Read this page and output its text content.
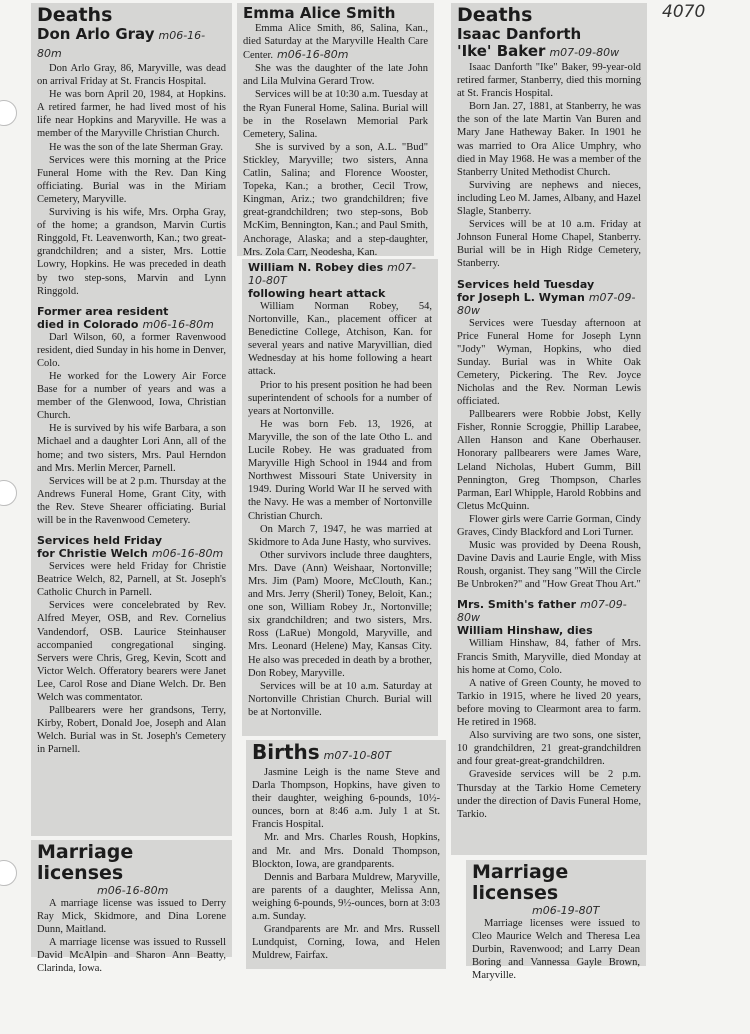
4070
Deaths
Don Arlo Gray m06-16-80m

Don Arlo Gray, 86, Maryville, was dead on arrival Friday at St. Francis Hospital.

He was born April 20, 1984, at Hopkins. A retired farmer, he had lived most of his life near Hopkins and Maryville. He was a member of the Maryville Christian Church.

He was the son of the late Sherman Gray.

Services were this morning at the Price Funeral Home with the Rev. Dan King officiating. Burial was in the Miriam Cemetery, Maryville.

Surviving is his wife, Mrs. Orpha Gray, of the home; a grandson, Marvin Curtis Ringgold, Ft. Leavenworth, Kan.; two great-grandchildren; and a sister, Mrs. Lottie Lowry, Hopkins. He was preceded in death by two step-sons, Marvin and Lynn Ringgold.

Former area resident
died in Colorado m06-16-80m

Darl Wilson, 60, a former Ravenwood resident, died Sunday in his home in Denver, Colo.

He worked for the Lowery Air Force Base for a number of years and was a member of the Glenwood, Iowa, Christian Church.

He is survived by his wife Barbara, a son Michael and a daughter Lori Ann, all of the home; and two sisters, Mrs. Paul Herndon and Mrs. Merlin Mercer, Parnell.

Services will be at 2 p.m. Thursday at the Andrews Funeral Home, Grant City, with the Rev. Steve Shearer officiating. Burial will be in the Ravenwood Cemetery.

Services held Friday
for Christie Welch m06-16-80m

Services were held Friday for Christie Beatrice Welch, 82, Parnell, at St. Joseph's Catholic Church in Parnell.

Services were concelebrated by Rev. Alfred Meyer, OSB, and Rev. Cornelius Vandendorf, OSB. Laurice Steinhauser accompanied congregational singing. Servers were Chris, Greg, Kevin, Scott and Victor Welch. Offeratory bearers were Janet Lee, Carol Rose and Diane Welch. Dr. Ben Welch was commentator.

Pallbearers were her grandsons, Terry, Kirby, Robert, Donald Joe, Joseph and Alan Welch. Burial was in St. Joseph's Cemetery in Parnell.

Marriage licenses
m06-16-80m

A marriage license was issued to Derry Ray Mick, Skidmore, and Dina Lorene Dunn, Maitland.

A marriage license was issued to Russell David McAlpin and Sharon Ann Beatty, Clarinda, Iowa.

Emma Alice Smith

Emma Alice Smith, 86, Salina, Kan., died Saturday at the Maryville Health Care Center. m06-16-80m

She was the daughter of the late John and Lila Mulvina Gerard Trow.

Services will be at 10:30 a.m. Tuesday at the Ryan Funeral Home, Salina. Burial will be in the Roselawn Memorial Park Cemetery, Salina.

She is survived by a son, A.L. "Bud" Stickley, Maryville; two sisters, Anna Catlin, Salina; and Florence Wooster, Topeka, Kan.; a brother, Cecil Trow, Kingman, Ariz.; two grandchildren; five great-grandchildren; two step-sons, Bob McKim, Bennington, Kan.; and Paul Smith, Anchorage, Alaska; and a step-daughter, Mrs. Zola Carr, Neodesha, Kan.

William N. Robey dies m07-10-80T
following heart attack

William Norman Robey, 54, Nortonville, Kan., placement officer at Benedictine College, Atchison, Kan. for several years and native Maryvillian, died Wednesday at his home following a heart attack.

Prior to his present position he had been superintendent of schools for a number of years at Nortonville.

He was born Feb. 13, 1926, at Maryville, the son of the late Otho L. and Lucile Robey. He was graduated from Maryville High School in 1944 and from Northwest Missouri State University in 1949. During World War II he served with the Navy. He was a member of Nortonville Christian Church.

On March 7, 1947, he was married at Skidmore to Ada June Hasty, who survives.

Other survivors include three daughters, Mrs. Dave (Ann) Weishaar, Nortonville; Mrs. Jim (Pam) Moore, McClouth, Kan.; and Mrs. Jerry (Sheril) Toney, Beloit, Kan.; one son, William Robey Jr., Nortonville; six grandchildren; and two sisters, Mrs. Ross (LaRue) Mongold, Maryville, and Mrs. Leonard (Helene) May, Kansas City. He also was preceded in death by a brother, Don Robey, Maryville.

Services will be at 10 a.m. Saturday at Nortonville Christian Church. Burial will be at Nortonville.

Births m07-10-80T

Jasmine Leigh is the name Steve and Darla Thompson, Hopkins, have given to their daughter, weighing 6-pounds, 10½-ounces, born at 8:46 a.m. July 1 at St. Francis Hospital.

Mr. and Mrs. Charles Roush, Hopkins, and Mr. and Mrs. Donald Thompson, Blockton, Iowa, are grandparents.

Dennis and Barbara Muldrew, Maryville, are parents of a daughter, Melissa Ann, weighing 6-pounds, 9½-ounces, born at 3:03 a.m. Sunday.

Grandparents are Mr. and Mrs. Russell Lundquist, Corning, Iowa, and Helen Muldrew, Fairfax.

Deaths
Isaac Danforth
'Ike' Baker m07-09-80w

Isaac Danforth "Ike" Baker, 99-year-old retired farmer, Stanberry, died this morning at St. Francis Hospital.

Born Jan. 27, 1881, at Stanberry, he was the son of the late Martin Van Buren and Mary Jane Hatheway Baker. In 1901 he was married to Ora Alice Umphry, who died in May 1968. He was a member of the Stanberry United Methodist Church.

Surviving are nephews and nieces, including Leo M. James, Albany, and Hazel Slagle, Stanberry.

Services will be at 10 a.m. Friday at Johnson Funeral Home Chapel, Stanberry. Burial will be in High Ridge Cemetery, Stanberry.

Services held Tuesday
for Joseph L. Wyman m07-09-80w

Services were Tuesday afternoon at Price Funeral Home for Joseph Lynn "Jody" Wyman, Hopkins, who died Sunday. Burial was in White Oak Cemetery, Pickering. The Rev. Joyce Nicholas and the Rev. Norman Lewis officiated.

Pallbearers were Robbie Jobst, Kelly Fisher, Ronnie Scroggie, Phillip Larabee, Allen Hanson and Kane Oberhauser. Honorary pallbearers were James Ware, Leland Nicholas, Hubert Gumm, Bill Pennington, Greg Thompson, Charles Parman, Earl Whipple, Harold Robbins and Cletus McQuinn.

Flower girls were Carrie Gorman, Cindy Graves, Cindy Blackford and Lori Turner.

Music was provided by Deena Roush, Davine Davis and Laurie Engle, with Miss Roush, organist. They sang "Will the Circle Be Unbroken?" and "How Great Thou Art."

Mrs. Smith's father m07-09-80w
William Hinshaw, dies

William Hinshaw, 84, father of Mrs. Francis Smith, Maryville, died Monday at his home at Como, Colo.

A native of Green County, he moved to Tarkio in 1915, where he lived 20 years, before moving to Clearmont area to farm. He retired in 1968.

Also surviving are two sons, one sister, 10 grandchildren, 21 great-grandchildren and four great-great-grandchildren.

Graveside services will be 2 p.m. Thursday at the Tarkio Home Cemetery under the direction of Davis Funeral Home, Tarkio.

Marriage licenses
m06-19-80T

Marriage licenses were issued to Cleo Maurice Welch and Theresa Lea Durbin, Ravenwood; and Larry Dean Boring and Vannessa Gayle Brown, Maryville.
